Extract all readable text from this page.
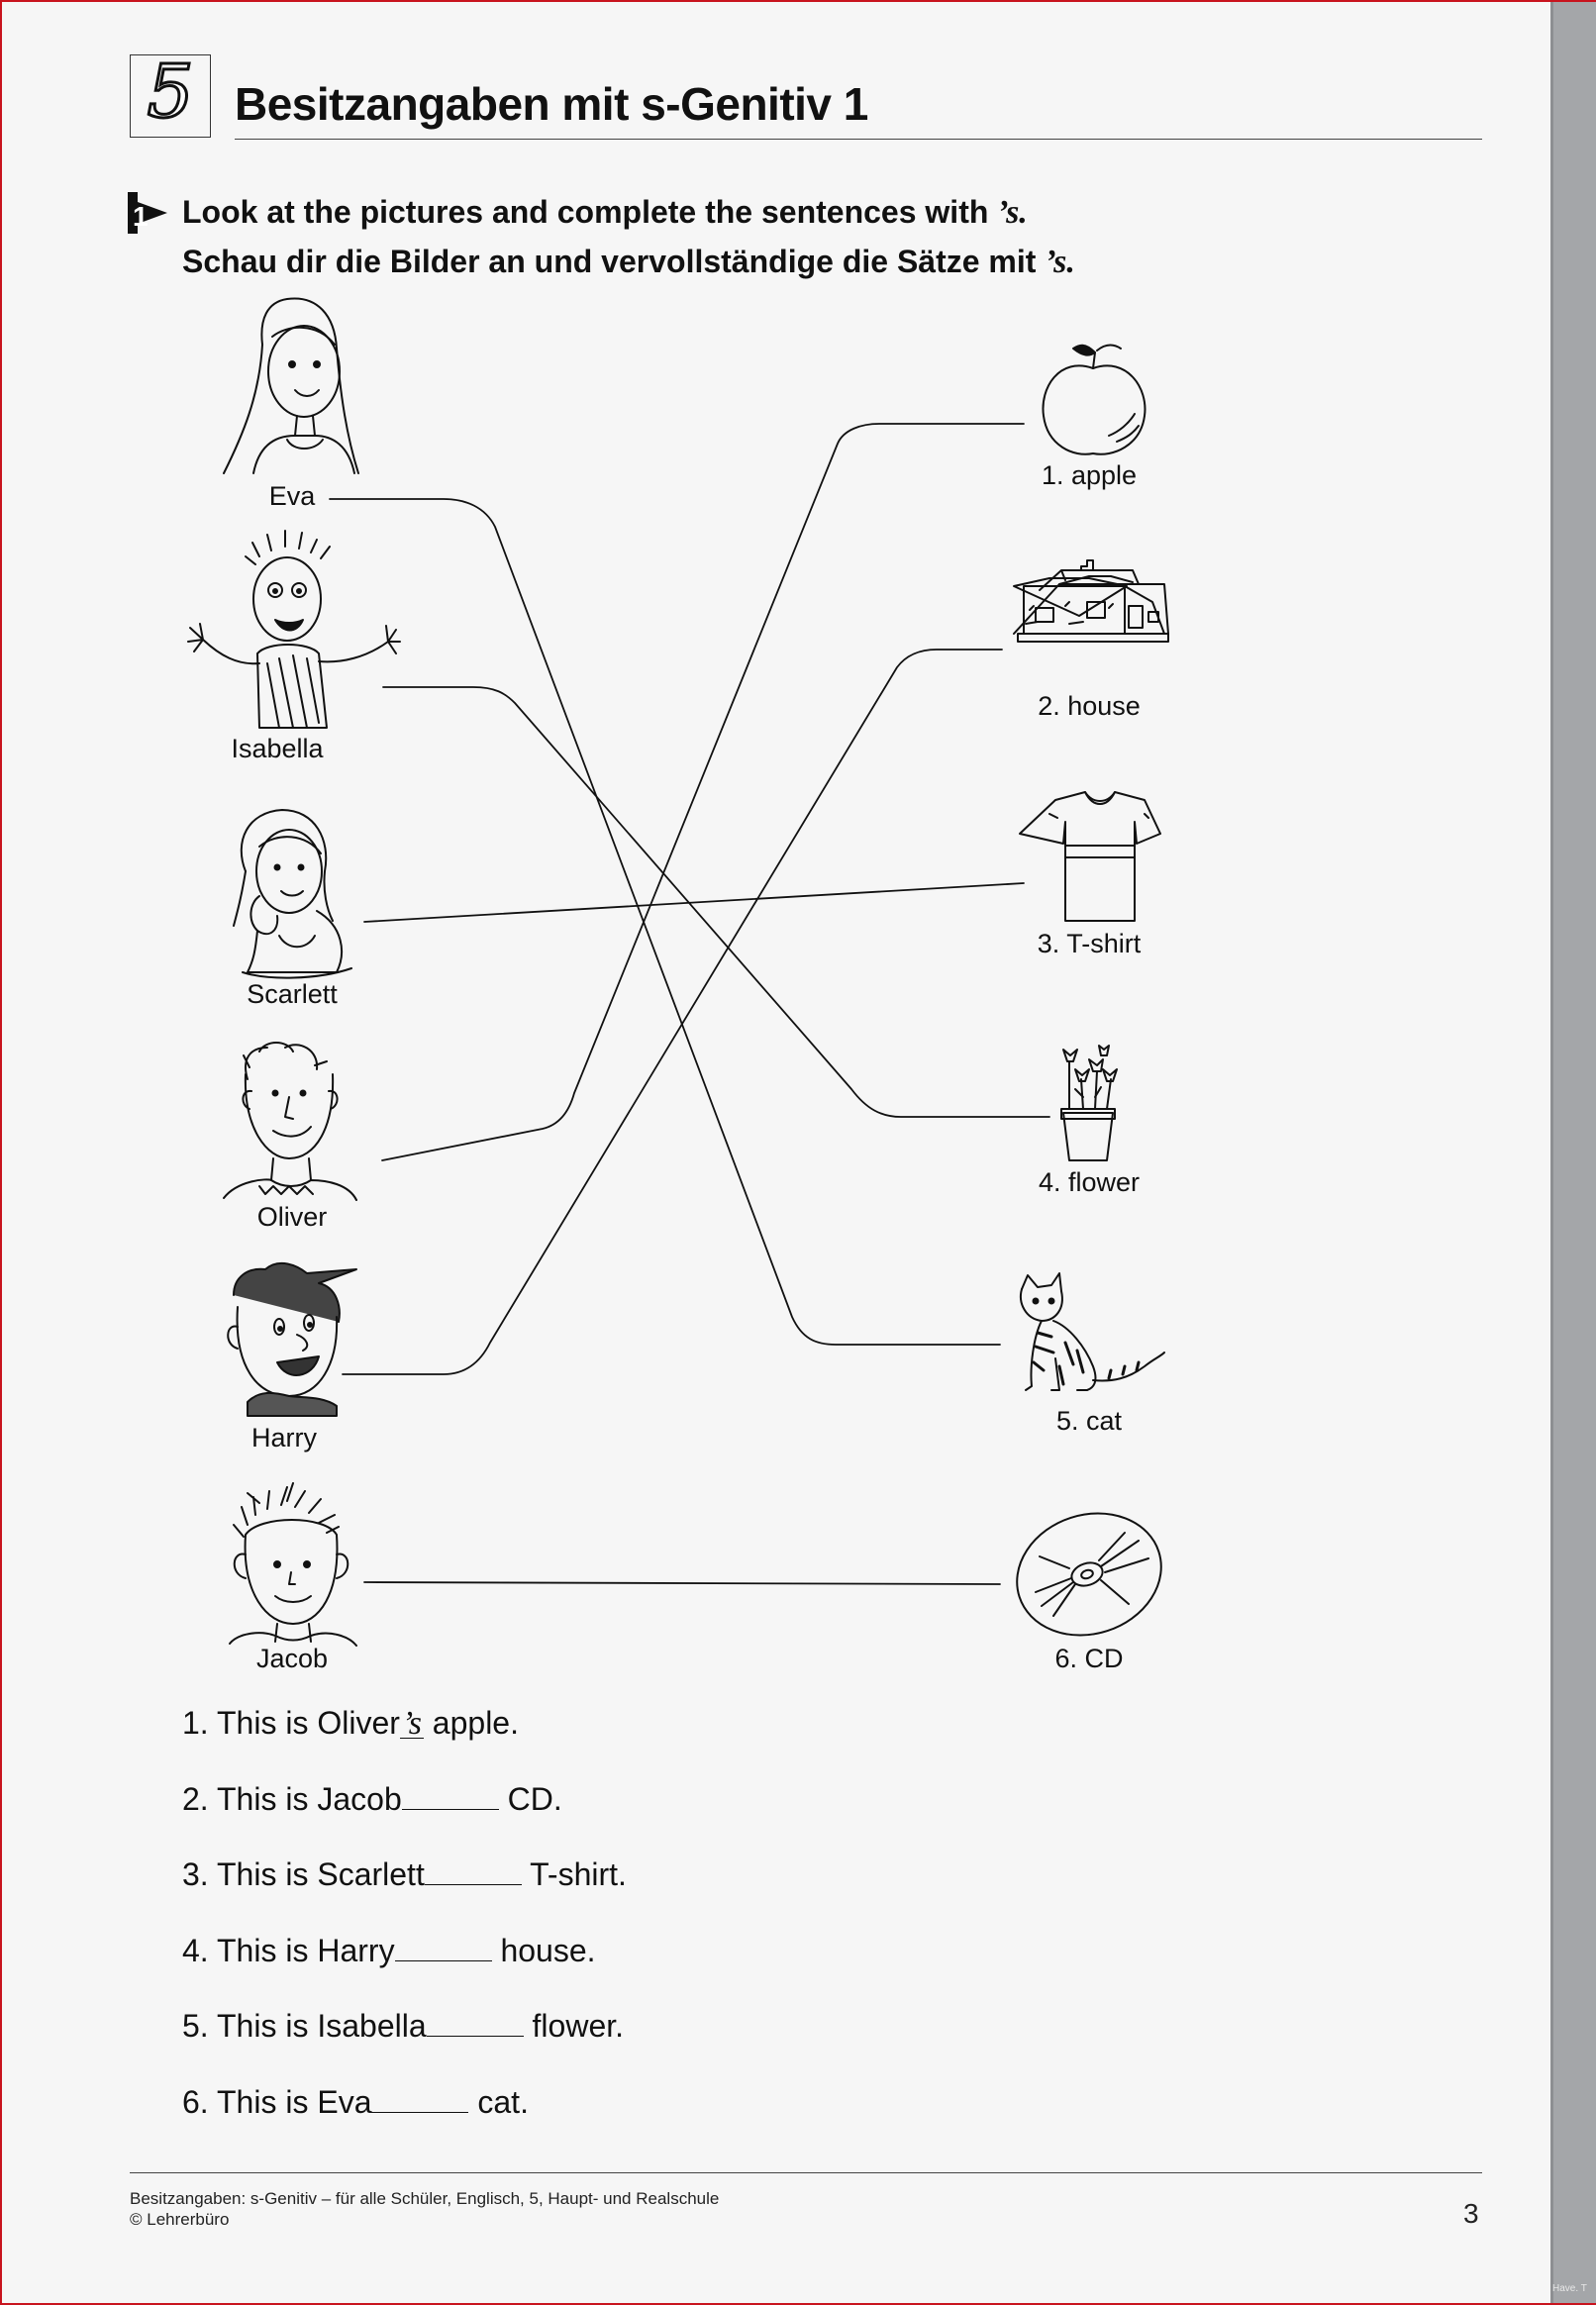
Have. T
5 Besitzangaben mit s-Genitiv 1
1 Look at the pictures and complete the sentences with ’s.
Schau dir die Bilder an und vervollständige die Sätze mit ’s.
Eva
Isabella
Scarlett
Oliver
Harry
Jacob
1. apple
2. house
3. T-shirt
4. flower
5. cat
6. CD
1. This is Oliver’s apple.
2. This is Jacob	CD.
3. This is Scarlett	T-shirt.
4. This is Harry	house.
5. This is Isabella	flower.
6. This is Eva	cat.
Besitzangaben: s-Genitiv – für alle Schüler, Englisch, 5, Haupt- und Realschule
© Lehrerbüro	3
